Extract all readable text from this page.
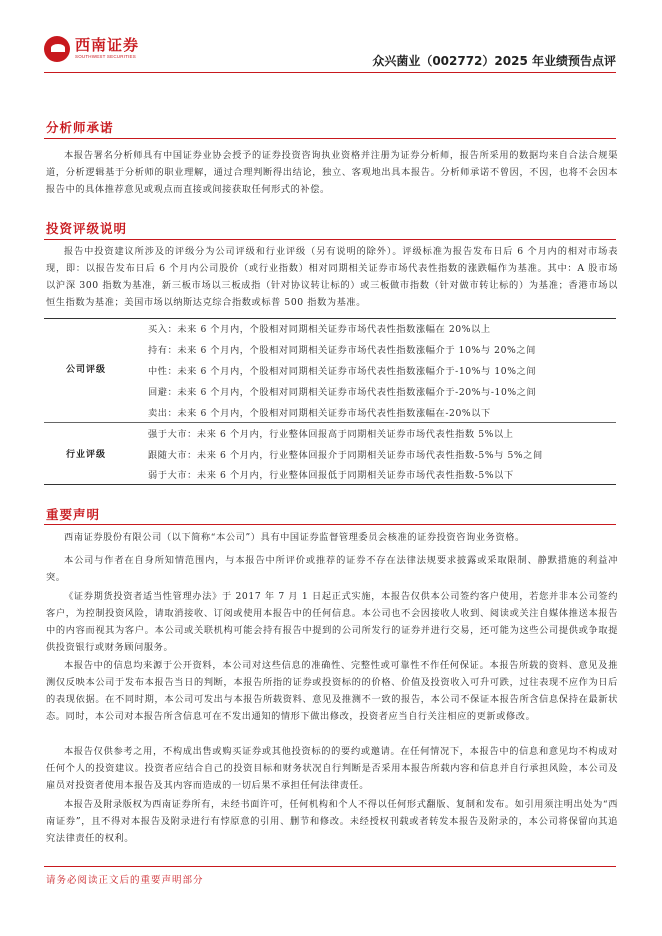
西南证券
SOUTHWEST SECURITIES	众兴菌业（002772）2025 年业绩预告点评
分析师承诺

本报告署名分析师具有中国证券业协会授予的证券投资咨询执业资格并注册为证券分析师，报告所采用的数据均来自合法合规渠道，分析逻辑基于分析师的职业理解，通过合理判断得出结论，独立、客观地出具本报告。分析师承诺不曾因，不因，也将不会因本报告中的具体推荐意见或观点而直接或间接获取任何形式的补偿。

投资评级说明

报告中投资建议所涉及的评级分为公司评级和行业评级（另有说明的除外）。评级标准为报告发布日后 6 个月内的相对市场表现，即：以报告发布日后 6 个月内公司股价（或行业指数）相对同期相关证券市场代表性指数的涨跌幅作为基准。其中：A 股市场以沪深 300 指数为基准，新三板市场以三板成指（针对协议转让标的）或三板做市指数（针对做市转让标的）为基准；香港市场以恒生指数为基准；美国市场以纳斯达克综合指数或标普 500 指数为基准。

公司评级
买入：未来 6 个月内，个股相对同期相关证券市场代表性指数涨幅在 20%以上
持有：未来 6 个月内，个股相对同期相关证券市场代表性指数涨幅介于 10%与 20%之间
中性：未来 6 个月内，个股相对同期相关证券市场代表性指数涨幅介于-10%与 10%之间
回避：未来 6 个月内，个股相对同期相关证券市场代表性指数涨幅介于-20%与-10%之间
卖出：未来 6 个月内，个股相对同期相关证券市场代表性指数涨幅在-20%以下
行业评级
强于大市：未来 6 个月内，行业整体回报高于同期相关证券市场代表性指数 5%以上
跟随大市：未来 6 个月内，行业整体回报介于同期相关证券市场代表性指数-5%与 5%之间
弱于大市：未来 6 个月内，行业整体回报低于同期相关证券市场代表性指数-5%以下
重要声明

西南证券股份有限公司（以下简称“本公司”）具有中国证券监督管理委员会核准的证券投资咨询业务资格。

本公司与作者在自身所知情范围内，与本报告中所评价或推荐的证券不存在法律法规要求披露或采取限制、静默措施的利益冲突。

《证券期货投资者适当性管理办法》于 2017 年 7 月 1 日起正式实施，本报告仅供本公司签约客户使用，若您并非本公司签约客户，为控制投资风险，请取消接收、订阅或使用本报告中的任何信息。本公司也不会因接收人收到、阅读或关注自媒体推送本报告中的内容而视其为客户。本公司或关联机构可能会持有报告中提到的公司所发行的证券并进行交易，还可能为这些公司提供或争取提供投资银行或财务顾问服务。

本报告中的信息均来源于公开资料，本公司对这些信息的准确性、完整性或可靠性不作任何保证。本报告所载的资料、意见及推测仅反映本公司于发布本报告当日的判断，本报告所指的证券或投资标的的价格、价值及投资收入可升可跌，过往表现不应作为日后的表现依据。在不同时期，本公司可发出与本报告所载资料、意见及推测不一致的报告，本公司不保证本报告所含信息保持在最新状态。同时，本公司对本报告所含信息可在不发出通知的情形下做出修改，投资者应当自行关注相应的更新或修改。

本报告仅供参考之用，不构成出售或购买证券或其他投资标的的要约或邀请。在任何情况下，本报告中的信息和意见均不构成对任何个人的投资建议。投资者应结合自己的投资目标和财务状况自行判断是否采用本报告所载内容和信息并自行承担风险，本公司及雇员对投资者使用本报告及其内容而造成的一切后果不承担任何法律责任。

本报告及附录版权为西南证券所有，未经书面许可，任何机构和个人不得以任何形式翻版、复制和发布。如引用须注明出处为“西南证券”，且不得对本报告及附录进行有悖原意的引用、删节和修改。未经授权刊载或者转发本报告及附录的，本公司将保留向其追究法律责任的权利。

请务必阅读正文后的重要声明部分
